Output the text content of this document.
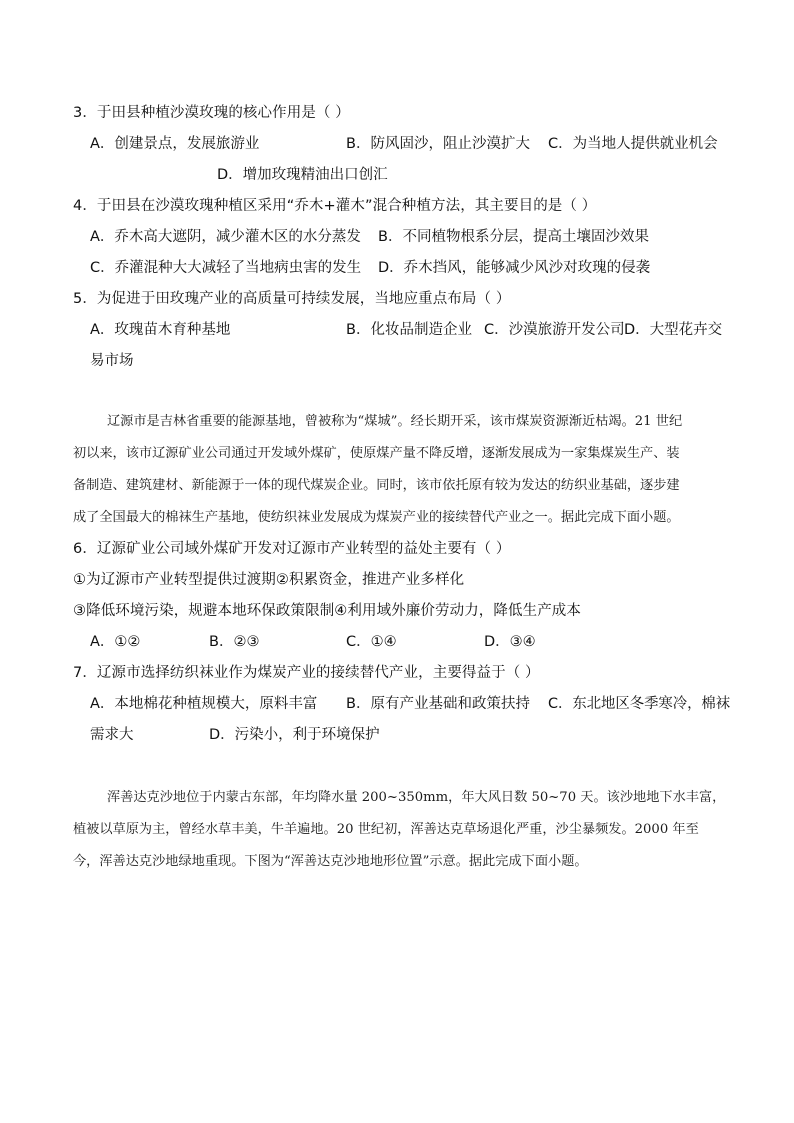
3．于田县种植沙漠玫瑰的核心作用是（ ）
A．创建景点，发展旅游业	B．防风固沙，阻止沙漠扩大 C．为当地人提供就业机会
D．增加玫瑰精油出口创汇
4．于田县在沙漠玫瑰种植区采用“乔木+灌木”混合种植方法，其主要目的是（ ）
A．乔木高大遮阴，减少灌木区的水分蒸发 B．不同植物根系分层，提高土壤固沙效果
C．乔灌混种大大减轻了当地病虫害的发生 D．乔木挡风，能够减少风沙对玫瑰的侵袭
5．为促进于田玫瑰产业的高质量可持续发展，当地应重点布局（ ）
A．玫瑰苗木育种基地	B．化妆品制造企业 C．沙漠旅游开发公司 D．大型花卉交
易市场
辽源市是吉林省重要的能源基地，曾被称为“煤城”。经长期开采，该市煤炭资源渐近枯竭。21 世纪
初以来，该市辽源矿业公司通过开发域外煤矿，使原煤产量不降反增，逐渐发展成为一家集煤炭生产、装
备制造、建筑建材、新能源于一体的现代煤炭企业。同时，该市依托原有较为发达的纺织业基础，逐步建
成了全国最大的棉袜生产基地，使纺织袜业发展成为煤炭产业的接续替代产业之一。据此完成下面小题。
6．辽源矿业公司域外煤矿开发对辽源市产业转型的益处主要有（ ）
①为辽源市产业转型提供过渡期②积累资金，推进产业多样化
③降低环境污染，规避本地环保政策限制④利用域外廉价劳动力，降低生产成本
A．①②	B．②③	C．①④	D．③④
7．辽源市选择纺织袜业作为煤炭产业的接续替代产业，主要得益于（ ）
A．本地棉花种植规模大，原料丰富 B．原有产业基础和政策扶持 C．东北地区冬季寒冷，棉袜
需求大	D．污染小，利于环境保护
浑善达克沙地位于内蒙古东部，年均降水量 200~350mm，年大风日数 50~70 天。该沙地地下水丰富，
植被以草原为主，曾经水草丰美，牛羊遍地。20 世纪初，浑善达克草场退化严重，沙尘暴频发。2000 年至
今，浑善达克沙地绿地重现。下图为“浑善达克沙地地形位置”示意。据此完成下面小题。
